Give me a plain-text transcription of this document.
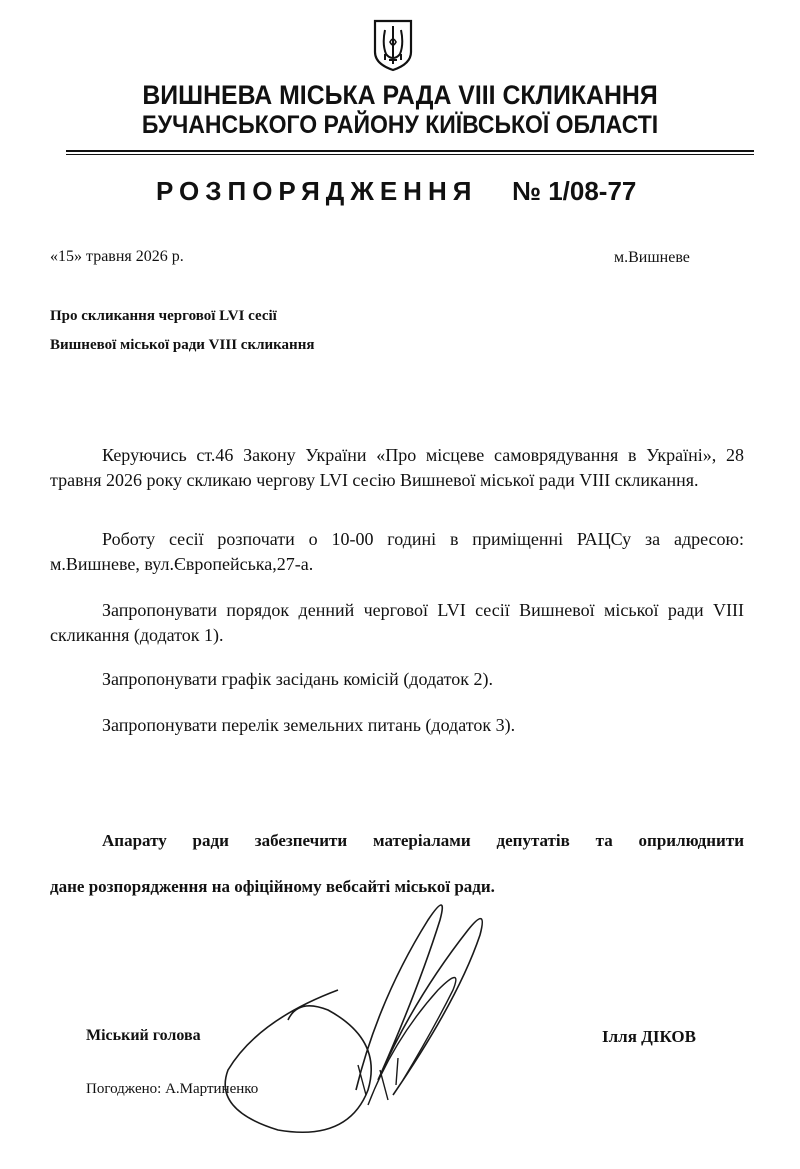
ВИШНЕВА МІСЬКА РАДА VIII СКЛИКАННЯ
БУЧАНСЬКОГО РАЙОНУ КИЇВСЬКОЇ ОБЛАСТІ
РОЗПОРЯДЖЕННЯ № 1/08-77
«15» травня 2026 р.	м.Вишневе
Про скликання чергової LVI сесії
Вишневої міської ради VIII скликання

Керуючись ст.46 Закону України «Про місцеве самоврядування в Україні», 28 травня 2026 року скликаю чергову LVI сесію Вишневої міської ради VIII скликання.

Роботу сесії розпочати о 10-00 годині в приміщенні РАЦСу за адресою: м.Вишневе, вул.Європейська,27-а.

Запропонувати порядок денний чергової LVI сесії Вишневої міської ради VIII скликання (додаток 1).

Запропонувати графік засідань комісій (додаток 2).

Запропонувати перелік земельних питань (додаток 3).

Апарату ради забезпечити матеріалами депутатів та оприлюднити
дане розпорядження на офіційному вебсайті міської ради.
Міський голова	Ілля ДІКОВ
Погоджено: А.Мартиненко
